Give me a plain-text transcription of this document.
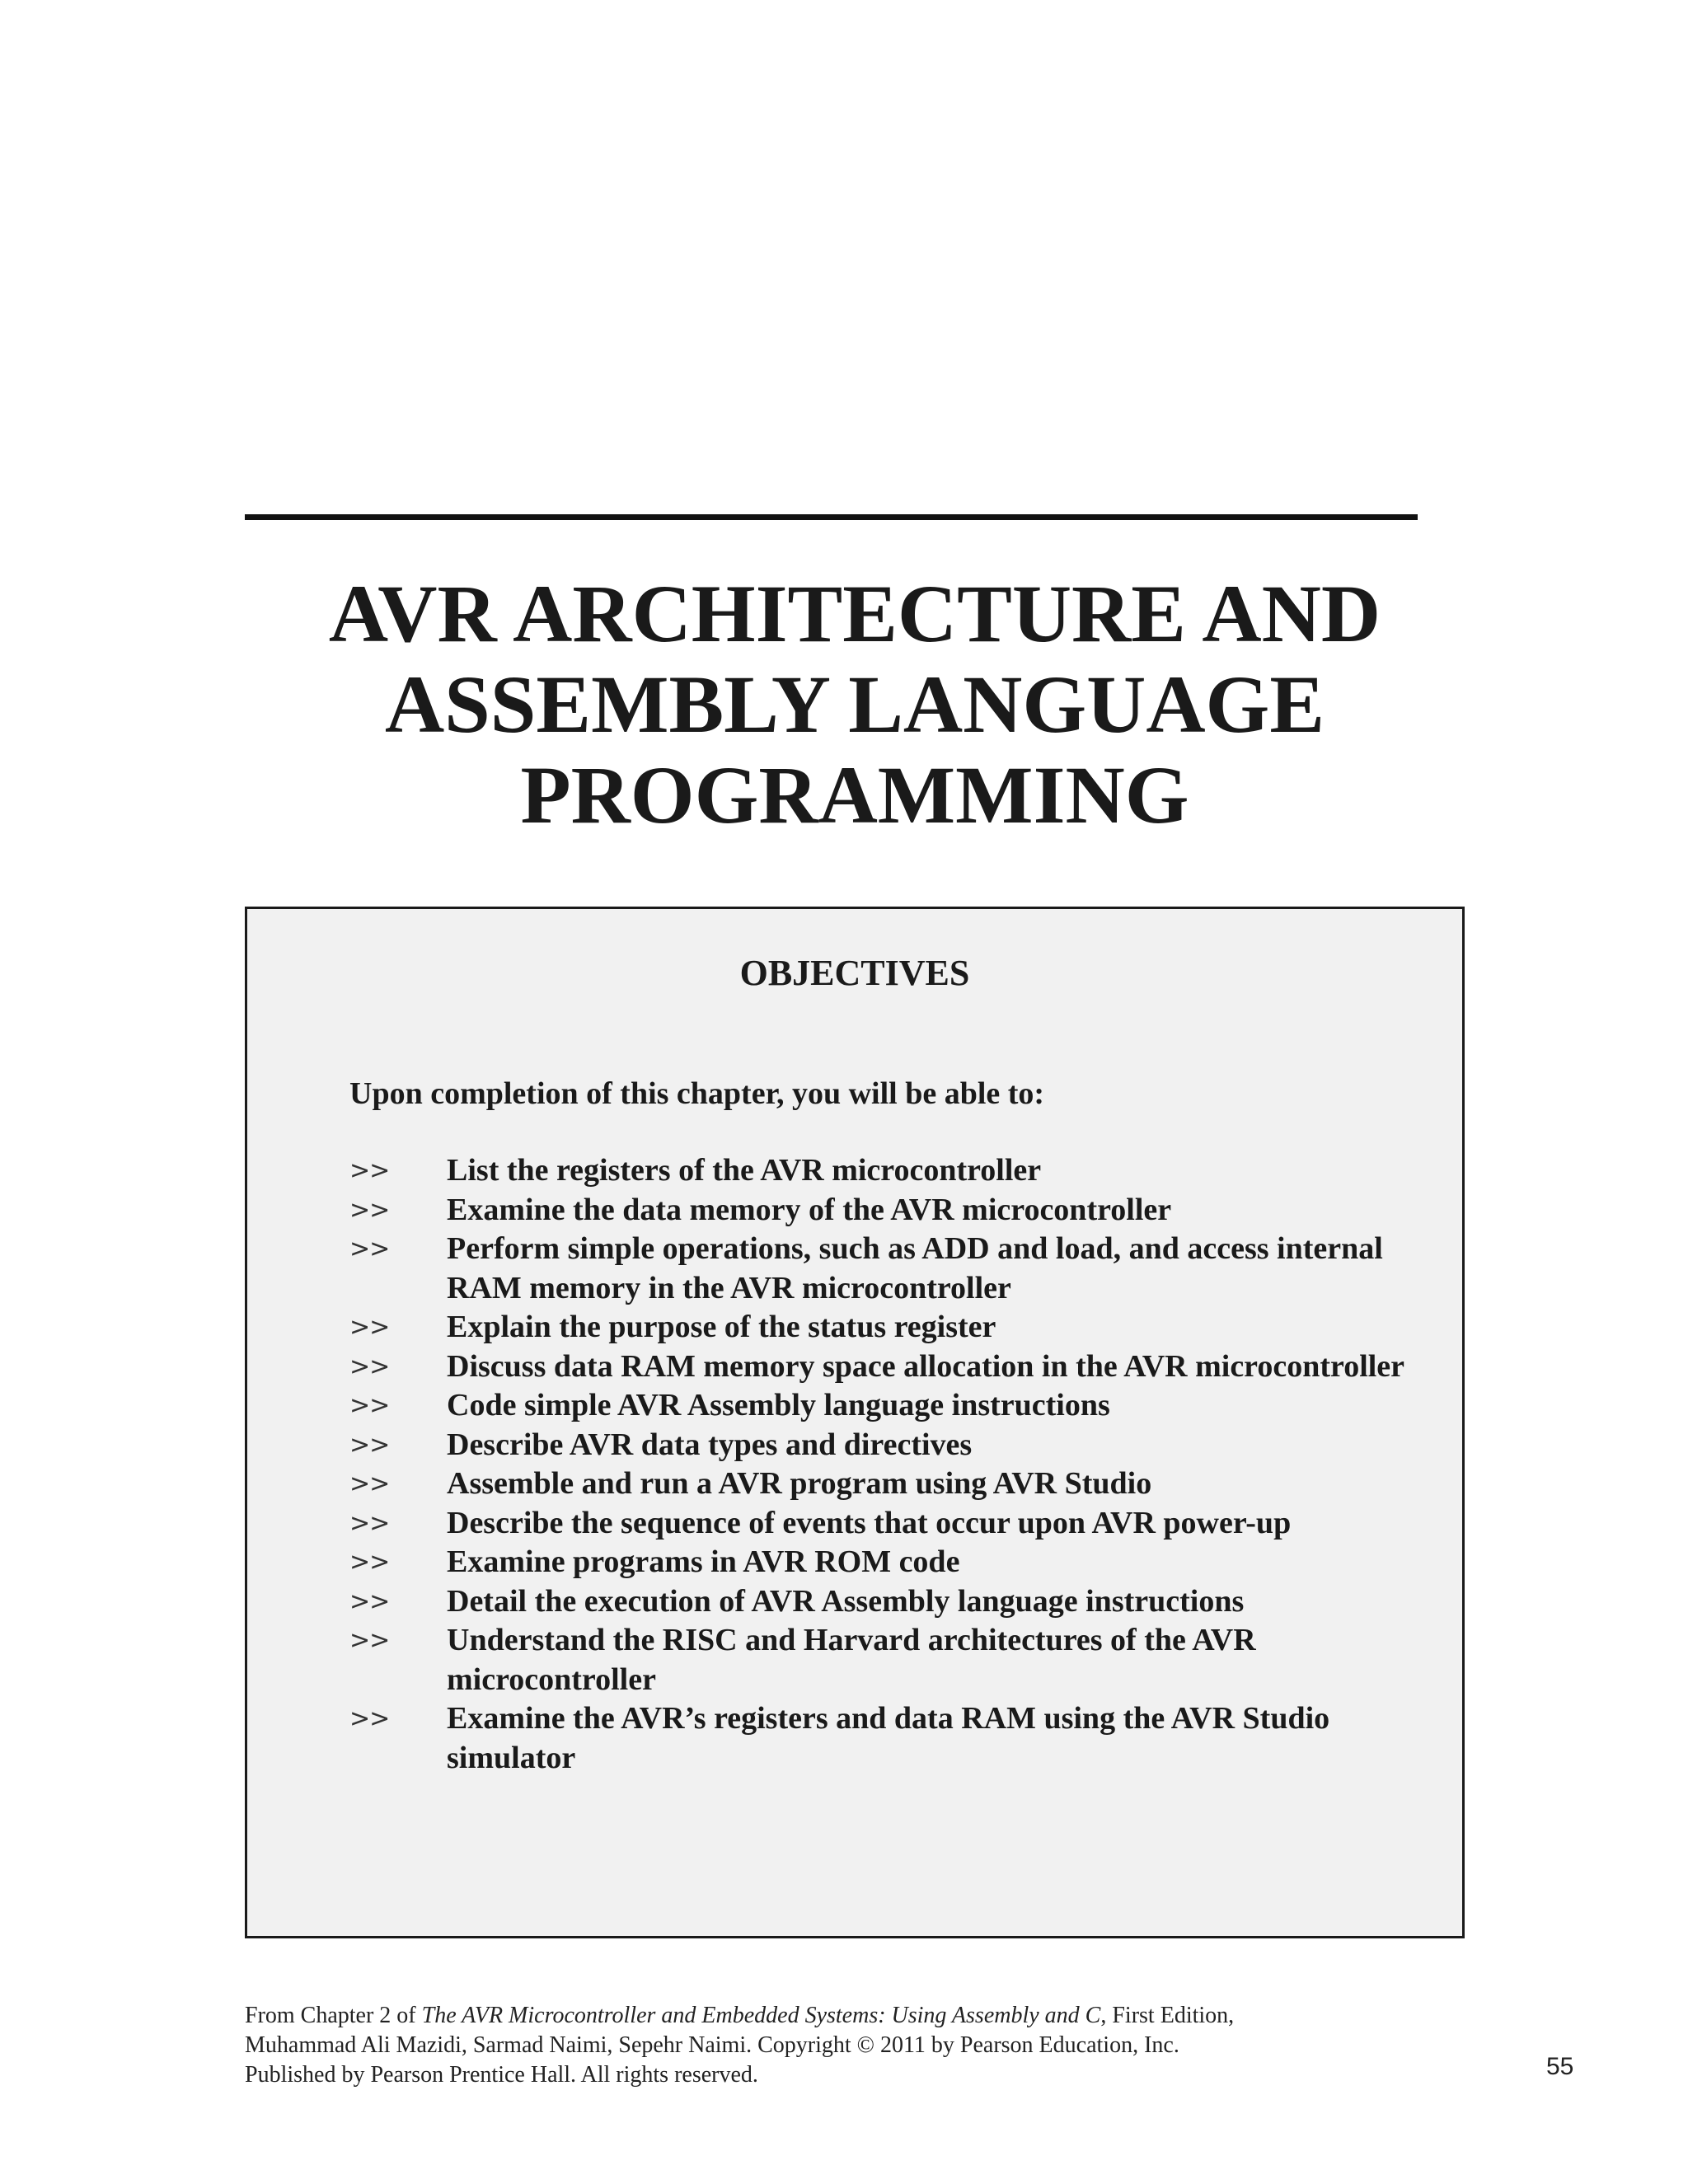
AVR ARCHITECTURE AND
ASSEMBLY LANGUAGE
PROGRAMMING
OBJECTIVES
Upon completion of this chapter, you will be able to:
>>	List the registers of the AVR microcontroller
>>	Examine the data memory of the AVR microcontroller
>>	Perform simple operations, such as ADD and load, and access internal
RAM memory in the AVR microcontroller
>>	Explain the purpose of the status register
>>	Discuss data RAM memory space allocation in the AVR microcontroller
>>	Code simple AVR Assembly language instructions
>>	Describe AVR data types and directives
>>	Assemble and run a AVR program using AVR Studio
>>	Describe the sequence of events that occur upon AVR power-up
>>	Examine programs in AVR ROM code
>>	Detail the execution of AVR Assembly language instructions
>>	Understand the RISC and Harvard architectures of the AVR
microcontroller
>>	Examine the AVR’s registers and data RAM using the AVR Studio
simulator
From Chapter 2 of The AVR Microcontroller and Embedded Systems: Using Assembly and C, First Edition,
Muhammad Ali Mazidi, Sarmad Naimi, Sepehr Naimi. Copyright © 2011 by Pearson Education, Inc.
Published by Pearson Prentice Hall. All rights reserved.	55
